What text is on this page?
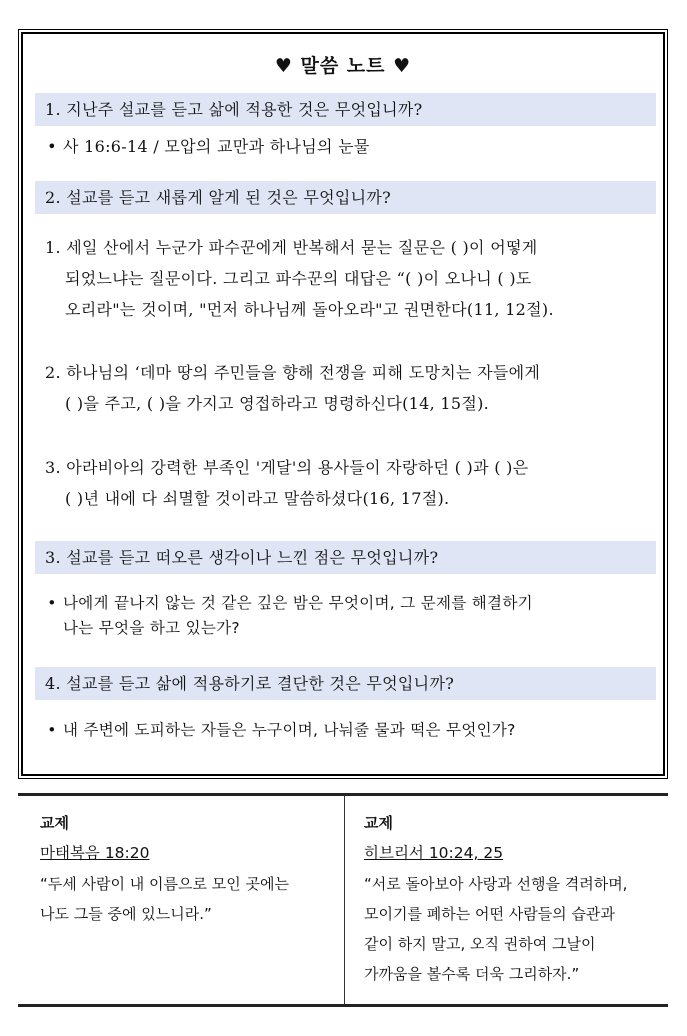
♥ 말씀 노트 ♥
1. 지난주 설교를 듣고 삶에 적용한 것은 무엇입니까?
• 사 16:6-14 / 모압의 교만과 하나님의 눈물
2. 설교를 듣고 새롭게 알게 된 것은 무엇입니까?
1. 세일 산에서 누군가 파수꾼에게 반복해서 묻는 질문은 ( )이 어떻게
되었느냐는 질문이다. 그리고 파수꾼의 대답은 “( )이 오나니 ( )도
오리라"는 것이며, "먼저 하나님께 돌아오라"고 권면한다(11, 12절).
2. 하나님의 ‘데마 땅의 주민들을 향해 전쟁을 피해 도망치는 자들에게
( )을 주고, ( )을 가지고 영접하라고 명령하신다(14, 15절).
3. 아라비아의 강력한 부족인 '게달'의 용사들이 자랑하던 ( )과 ( )은
( )년 내에 다 쇠멸할 것이라고 말씀하셨다(16, 17절).
3. 설교를 듣고 떠오른 생각이나 느낀 점은 무엇입니까?
• 나에게 끝나지 않는 것 같은 깊은 밤은 무엇이며, 그 문제를 해결하기
나는 무엇을 하고 있는가?
4. 설교를 듣고 삶에 적용하기로 결단한 것은 무엇입니까?
• 내 주변에 도피하는 자들은 누구이며, 나눠줄 물과 떡은 무엇인가?
교제
마태복음 18:20
“두세 사람이 내 이름으로 모인 곳에는
나도 그들 중에 있느니라.”
교제
히브리서 10:24, 25
“서로 돌아보아 사랑과 선행을 격려하며,
모이기를 폐하는 어떤 사람들의 습관과
같이 하지 말고, 오직 권하여 그날이
가까움을 볼수록 더욱 그리하자.”
